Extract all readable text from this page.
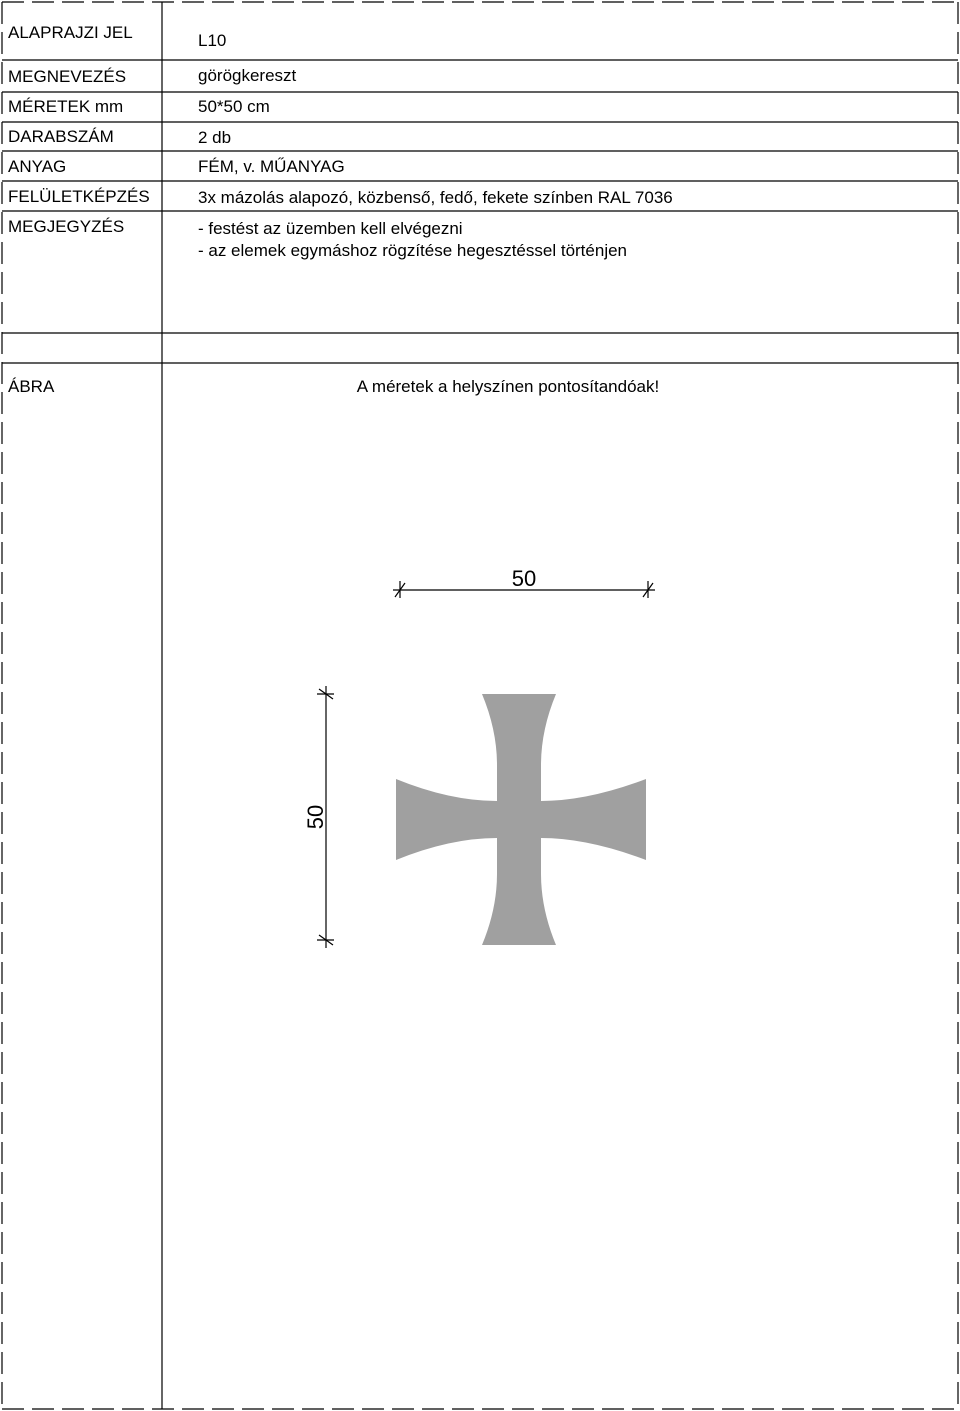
ALAPRAJZI JEL
MEGNEVEZÉS
MÉRETEK mm
DARABSZÁM
ANYAG
FELÜLETKÉPZÉS
MEGJEGYZÉS
ÁBRA
L10
görögkereszt
50*50 cm
2 db
FÉM, v. MŰANYAG
3x mázolás alapozó, közbenső, fedő, fekete színben RAL 7036
- festést az üzemben kell elvégezni
- az elemek egymáshoz rögzítése hegesztéssel történjen
A méretek a helyszínen pontosítandóak!
50
50
